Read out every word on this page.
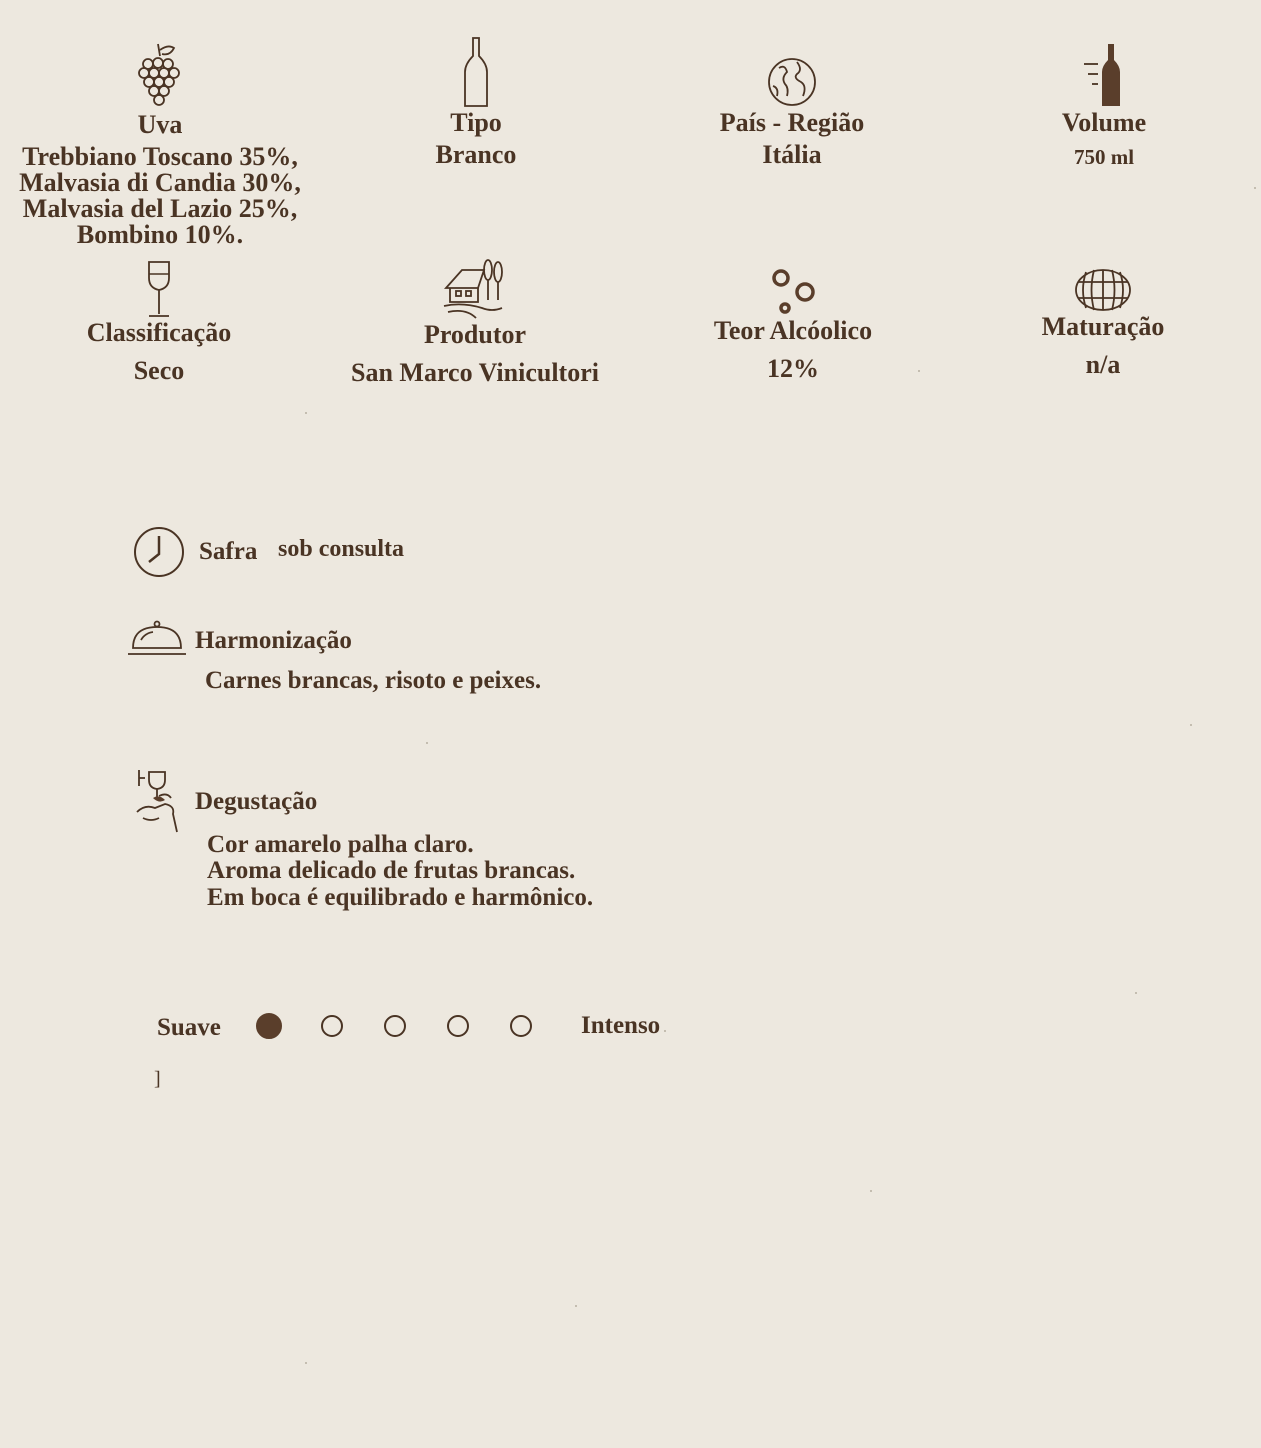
Uva
Trebbiano Toscano 35%,
Malvasia di Candia 30%,
Malvasia del Lazio 25%,
Bombino 10%.
Tipo
Branco
País - Região
Itália
Volume
750 ml
Classificação
Seco
Produtor
San Marco Vinicultori
Teor Alcóolico
12%
Maturação
n/a
Safra sob consulta
Harmonização
Carnes brancas, risoto e peixes.
Degustação
Cor amarelo palha claro.
Aroma delicado de frutas brancas.
Em boca é equilibrado e harmônico.
Suave	Intenso
]
